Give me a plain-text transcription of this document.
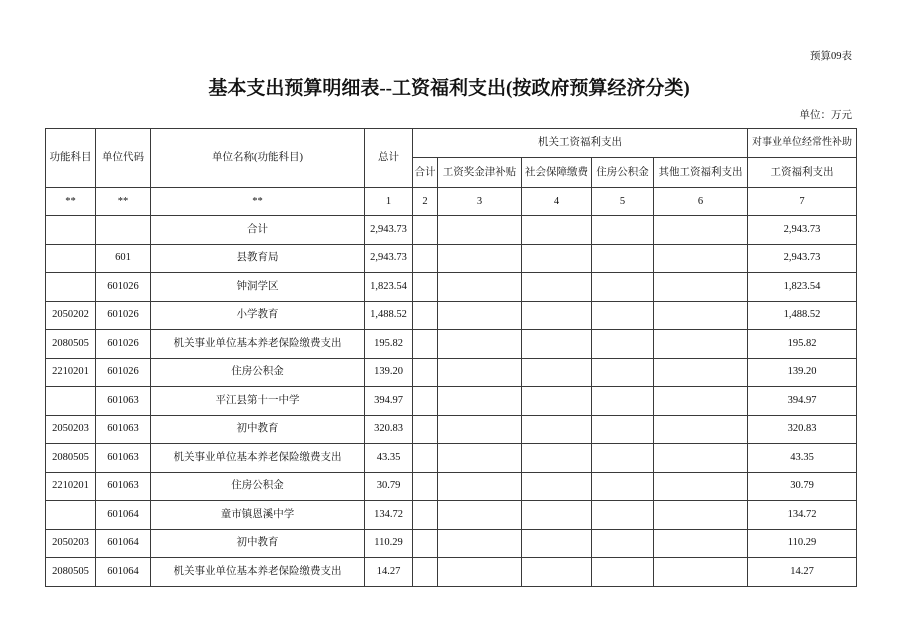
预算09表
基本支出预算明细表--工资福利支出(按政府预算经济分类)
单位：万元
功能科目	单位代码	单位名称(功能科目)	总计	机关工资福利支出					对事业单位经常性补助
				合计	工资奖金津补贴	社会保障缴费	住房公积金	其他工资福利支出	工资福利支出
**	**	**	1	2	3	4	5	6	7
		合计	2,943.73						2,943.73
	601	县教育局	2,943.73						2,943.73
	601026	钟洞学区	1,823.54						1,823.54
2050202	601026	小学教育	1,488.52						1,488.52
2080505	601026	机关事业单位基本养老保险缴费支出	195.82						195.82
2210201	601026	住房公积金	139.20						139.20
	601063	平江县第十一中学	394.97						394.97
2050203	601063	初中教育	320.83						320.83
2080505	601063	机关事业单位基本养老保险缴费支出	43.35						43.35
2210201	601063	住房公积金	30.79						30.79
	601064	童市镇恩溪中学	134.72						134.72
2050203	601064	初中教育	110.29						110.29
2080505	601064	机关事业单位基本养老保险缴费支出	14.27						14.27
